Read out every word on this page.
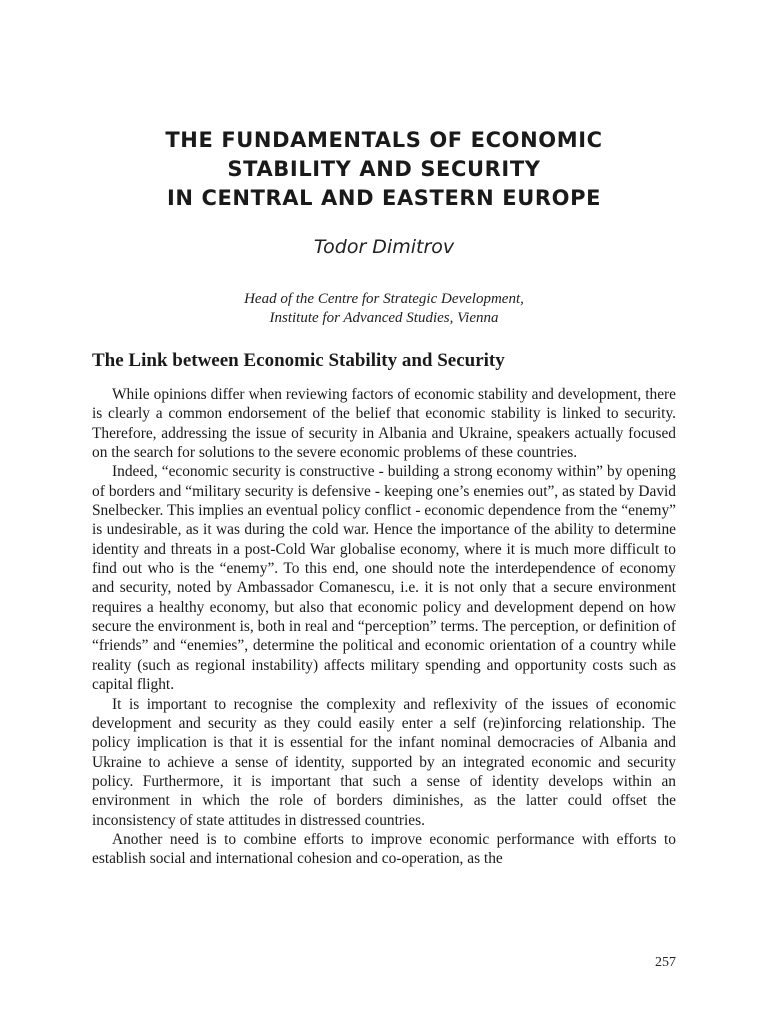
THE FUNDAMENTALS OF ECONOMIC
STABILITY AND SECURITY
IN CENTRAL AND EASTERN EUROPE
Todor Dimitrov
Head of the Centre for Strategic Development,
Institute for Advanced Studies, Vienna
The Link between Economic Stability and Security

While opinions differ when reviewing factors of economic stability and development, there is clearly a common endorsement of the belief that economic stability is linked to security. Therefore, addressing the issue of security in Albania and Ukraine, speakers actually focused on the search for solutions to the severe economic problems of these countries.

Indeed, “economic security is constructive - building a strong economy within” by opening of borders and “military security is defensive - keeping one’s enemies out”, as stated by David Snelbecker. This implies an eventual policy conflict - economic dependence from the “enemy” is undesirable, as it was during the cold war. Hence the importance of the ability to determine identity and threats in a post-Cold War globalise economy, where it is much more difficult to find out who is the “enemy”. To this end, one should note the interdependence of economy and security, noted by Ambassador Comanescu, i.e. it is not only that a secure environment requires a healthy economy, but also that economic policy and development depend on how secure the environment is, both in real and “perception” terms. The perception, or definition of “friends” and “enemies”, determine the political and economic orientation of a country while reality (such as regional instability) affects military spending and opportunity costs such as capital flight.

It is important to recognise the complexity and reflexivity of the issues of economic development and security as they could easily enter a self (re)inforcing relationship. The policy implication is that it is essential for the infant nominal democracies of Albania and Ukraine to achieve a sense of identity, supported by an integrated economic and security policy. Furthermore, it is important that such a sense of identity develops within an environment in which the role of borders diminishes, as the latter could offset the inconsistency of state attitudes in distressed countries.

Another need is to combine efforts to improve economic performance with efforts to establish social and international cohesion and co-operation, as the

257
